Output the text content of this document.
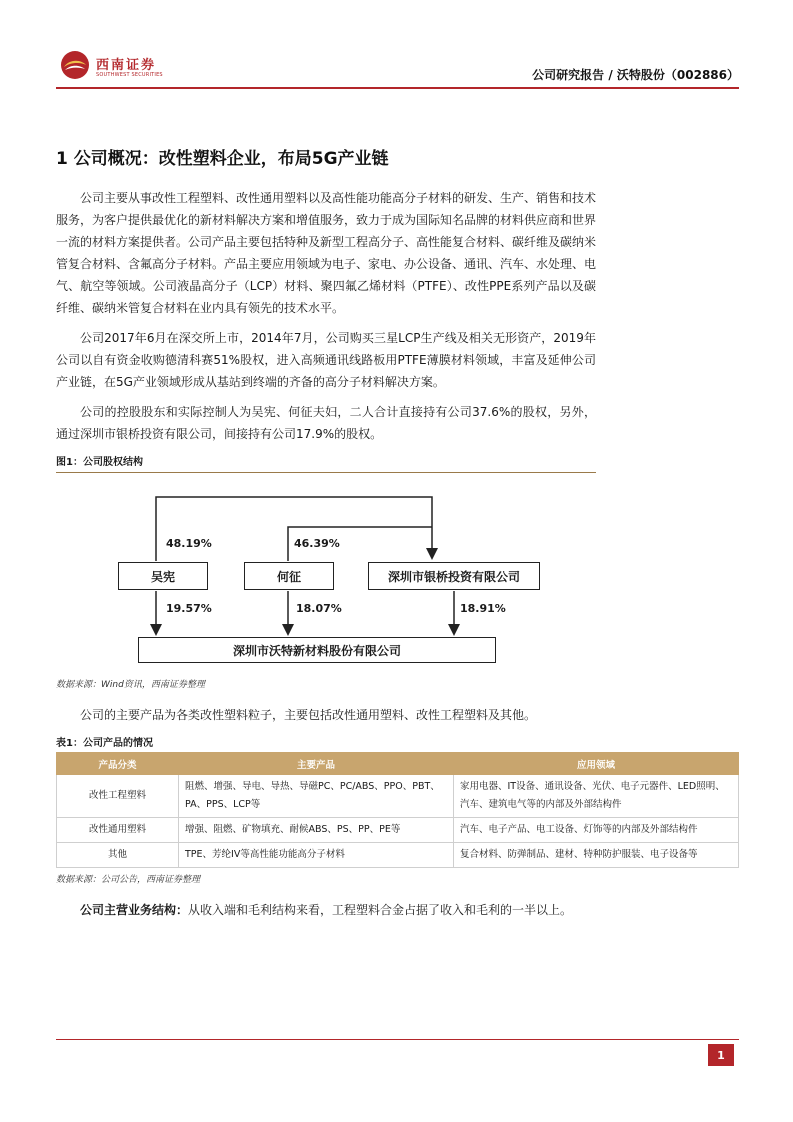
西南证券
SOUTHWEST SECURITIES	公司研究报告 / 沃特股份（002886）
1 公司概况：改性塑料企业，布局5G产业链

公司主要从事改性工程塑料、改性通用塑料以及高性能功能高分子材料的研发、生产、销售和技术服务，为客户提供最优化的新材料解决方案和增值服务，致力于成为国际知名品牌的材料供应商和世界一流的材料方案提供者。公司产品主要包括特种及新型工程高分子、高性能复合材料、碳纤维及碳纳米管复合材料、含氟高分子材料。产品主要应用领域为电子、家电、办公设备、通讯、汽车、水处理、电气、航空等领域。公司液晶高分子（LCP）材料、聚四氟乙烯材料（PTFE）、改性PPE系列产品以及碳纤维、碳纳米管复合材料在业内具有领先的技术水平。

公司2017年6月在深交所上市，2014年7月，公司购买三星LCP生产线及相关无形资产，2019年公司以自有资金收购德清科赛51%股权，进入高频通讯线路板用PTFE薄膜材料领域，丰富及延伸公司产业链，在5G产业领域形成从基站到终端的齐备的高分子材料解决方案。

公司的控股股东和实际控制人为吴宪、何征夫妇，二人合计直接持有公司37.6%的股权，另外，通过深圳市银桥投资有限公司，间接持有公司17.9%的股权。

图1：公司股权结构
吴宪	何征	深圳市银桥投资有限公司
深圳市沃特新材料股份有限公司
48.19%	46.39%
19.57%	18.07%	18.91%
数据来源：Wind资讯，西南证券整理

公司的主要产品为各类改性塑料粒子，主要包括改性通用塑料、改性工程塑料及其他。

表1：公司产品的情况
产品分类	主要产品	应用领域
改性工程塑料	阻燃、增强、导电、导热、导磁PC、PC/ABS、PPO、PBT、PA、PPS、LCP等	家用电器、IT设备、通讯设备、光伏、电子元器件、LED照明、汽车、建筑电气等的内部及外部结构件
改性通用塑料	增强、阻燃、矿物填充、耐候ABS、PS、PP、PE等	汽车、电子产品、电工设备、灯饰等的内部及外部结构件
其他	TPE、芳纶IV等高性能功能高分子材料	复合材料、防弹制品、建材、特种防护服装、电子设备等
数据来源：公司公告，西南证券整理

公司主营业务结构：从收入端和毛利结构来看，工程塑料合金占据了收入和毛利的一半以上。

1
